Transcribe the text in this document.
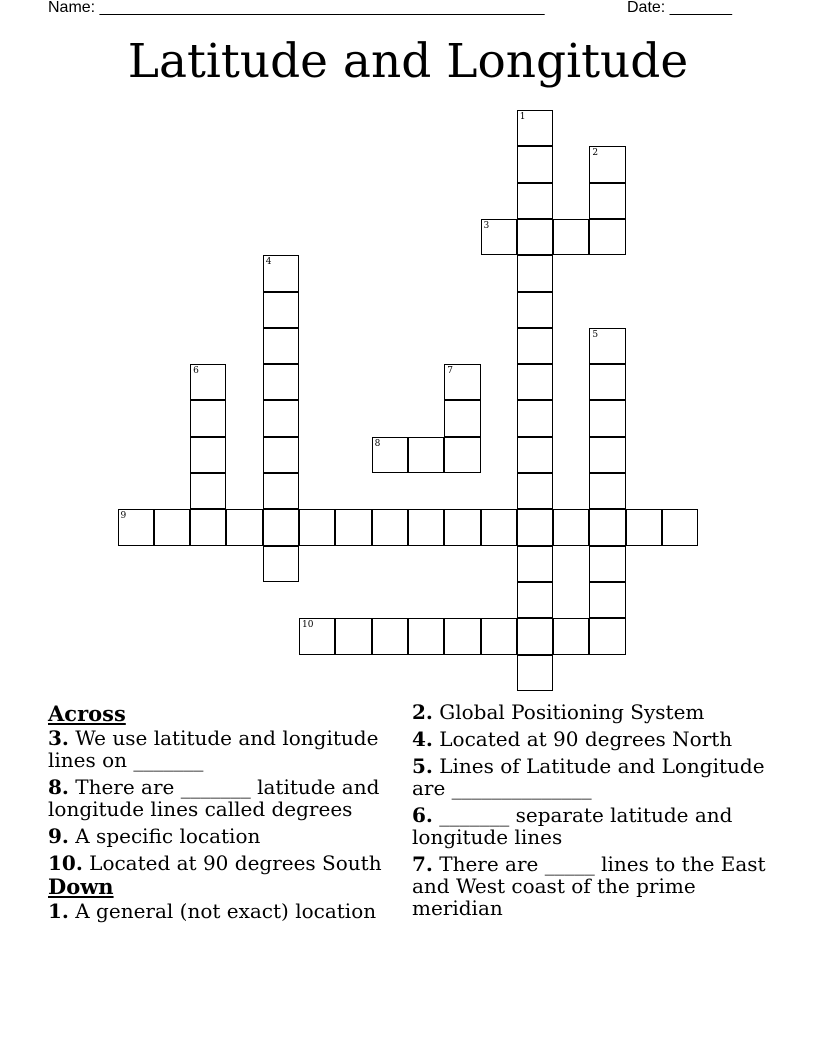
Name: __________________________________________________	Date: _______
Latitude and Longitude
1
2
3
4
5
6	7
8
9
10
Across
3. We use latitude and longitude lines on _______
8. There are _______ latitude and longitude lines called degrees
9. A specific location
10. Located at 90 degrees South
Down
1. A general (not exact) location
2. Global Positioning System
4. Located at 90 degrees North
5. Lines of Latitude and Longitude are ______________
6. _______ separate latitude and longitude lines
7. There are _____ lines to the East and West coast of the prime meridian
